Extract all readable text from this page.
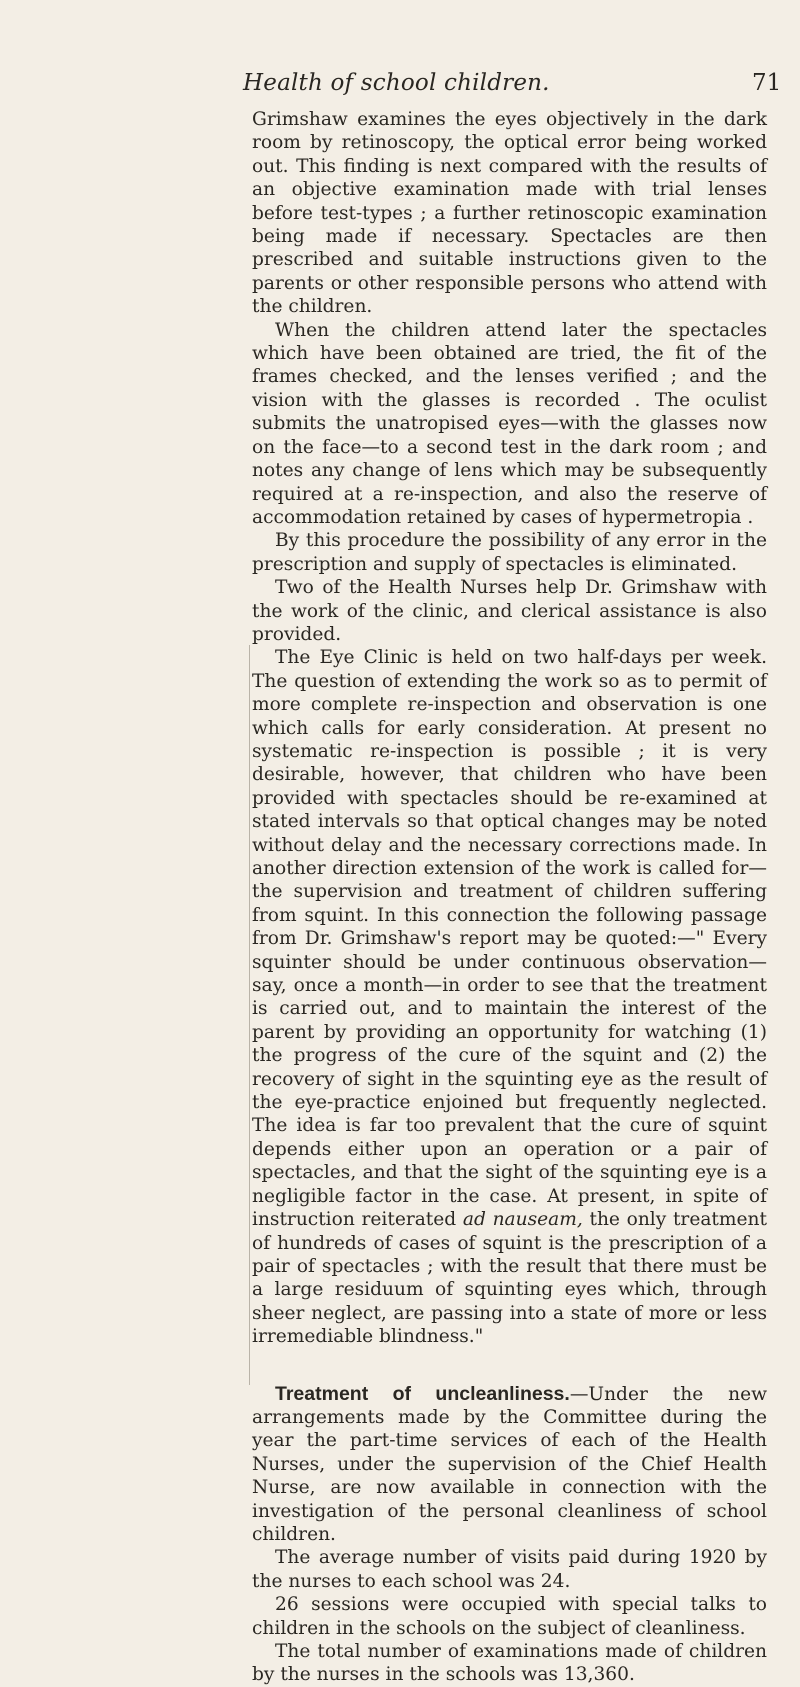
Health of school children.	71

Grimshaw examines the eyes objectively in the dark room by retinoscopy, the optical error being worked out. This finding is next compared with the results of an objective examination made with trial lenses before test-types ; a further retinoscopic examination being made if necessary. Spectacles are then prescribed and suitable instructions given to the parents or other responsible persons who attend with the children.

When the children attend later the spectacles which have been obtained are tried, the fit of the frames checked, and the lenses verified ; and the vision with the glasses is recorded . The oculist submits the unatropised eyes—with the glasses now on the face—to a second test in the dark room ; and notes any change of lens which may be subsequently required at a re-inspection, and also the reserve of accommodation retained by cases of hypermetropia .

By this procedure the possibility of any error in the prescription and supply of spectacles is eliminated.

Two of the Health Nurses help Dr. Grimshaw with the work of the clinic, and clerical assistance is also provided.

The Eye Clinic is held on two half-days per week. The question of extending the work so as to permit of more complete re-inspection and observation is one which calls for early consideration. At present no systematic re-inspection is possible ; it is very desirable, however, that children who have been provided with spectacles should be re-examined at stated intervals so that optical changes may be noted without delay and the necessary corrections made. In another direction extension of the work is called for—the supervision and treatment of children suffering from squint. In this connection the following passage from Dr. Grimshaw's report may be quoted:—" Every squinter should be under continuous observation—say, once a month—in order to see that the treatment is carried out, and to maintain the interest of the parent by providing an opportunity for watching (1) the progress of the cure of the squint and (2) the recovery of sight in the squinting eye as the result of the eye-practice enjoined but frequently neglected. The idea is far too prevalent that the cure of squint depends either upon an operation or a pair of spectacles, and that the sight of the squinting eye is a negligible factor in the case. At present, in spite of instruction reiterated ad nauseam, the only treatment of hundreds of cases of squint is the prescription of a pair of spectacles ; with the result that there must be a large residuum of squinting eyes which, through sheer neglect, are passing into a state of more or less irremediable blindness."

Treatment of uncleanliness.—Under the new arrangements made by the Committee during the year the part-time services of each of the Health Nurses, under the supervision of the Chief Health Nurse, are now available in connection with the investigation of the personal cleanliness of school children.

The average number of visits paid during 1920 by the nurses to each school was 24.

26 sessions were occupied with special talks to children in the schools on the subject of cleanliness.

The total number of examinations made of children by the nurses in the schools was 13,360.
